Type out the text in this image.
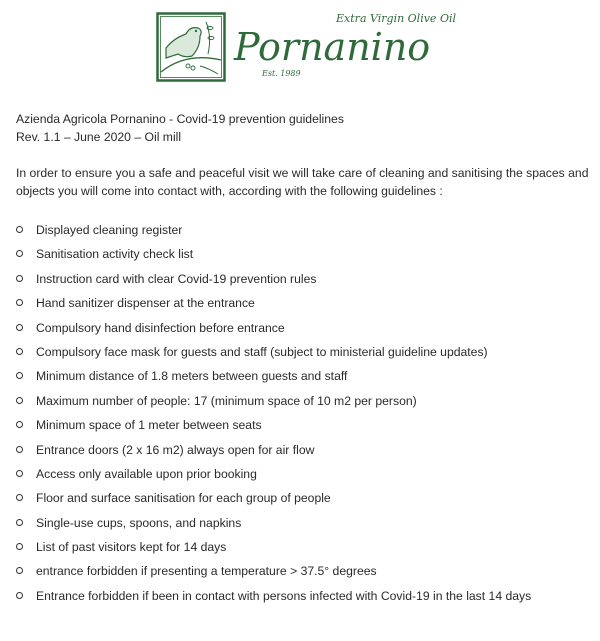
Extra Virgin Olive Oil
Pornanino
Est. 1989
Azienda Agricola Pornanino - Covid-19 prevention guidelines
Rev. 1.1 – June 2020 – Oil mill

In order to ensure you a safe and peaceful visit we will take care of cleaning and sanitising the spaces and objects you will come into contact with, according with the following guidelines :

Displayed cleaning register
Sanitisation activity check list
Instruction card with clear Covid-19 prevention rules
Hand sanitizer dispenser at the entrance
Compulsory hand disinfection before entrance
Compulsory face mask for guests and staff (subject to ministerial guideline updates)
Minimum distance of 1.8 meters between guests and staff
Maximum number of people: 17 (minimum space of 10 m2 per person)
Minimum space of 1 meter between seats
Entrance doors (2 x 16 m2) always open for air flow
Access only available upon prior booking
Floor and surface sanitisation for each group of people
Single-use cups, spoons, and napkins
List of past visitors kept for 14 days
entrance forbidden if presenting a temperature > 37.5° degrees
Entrance forbidden if been in contact with persons infected with Covid-19 in the last 14 days
